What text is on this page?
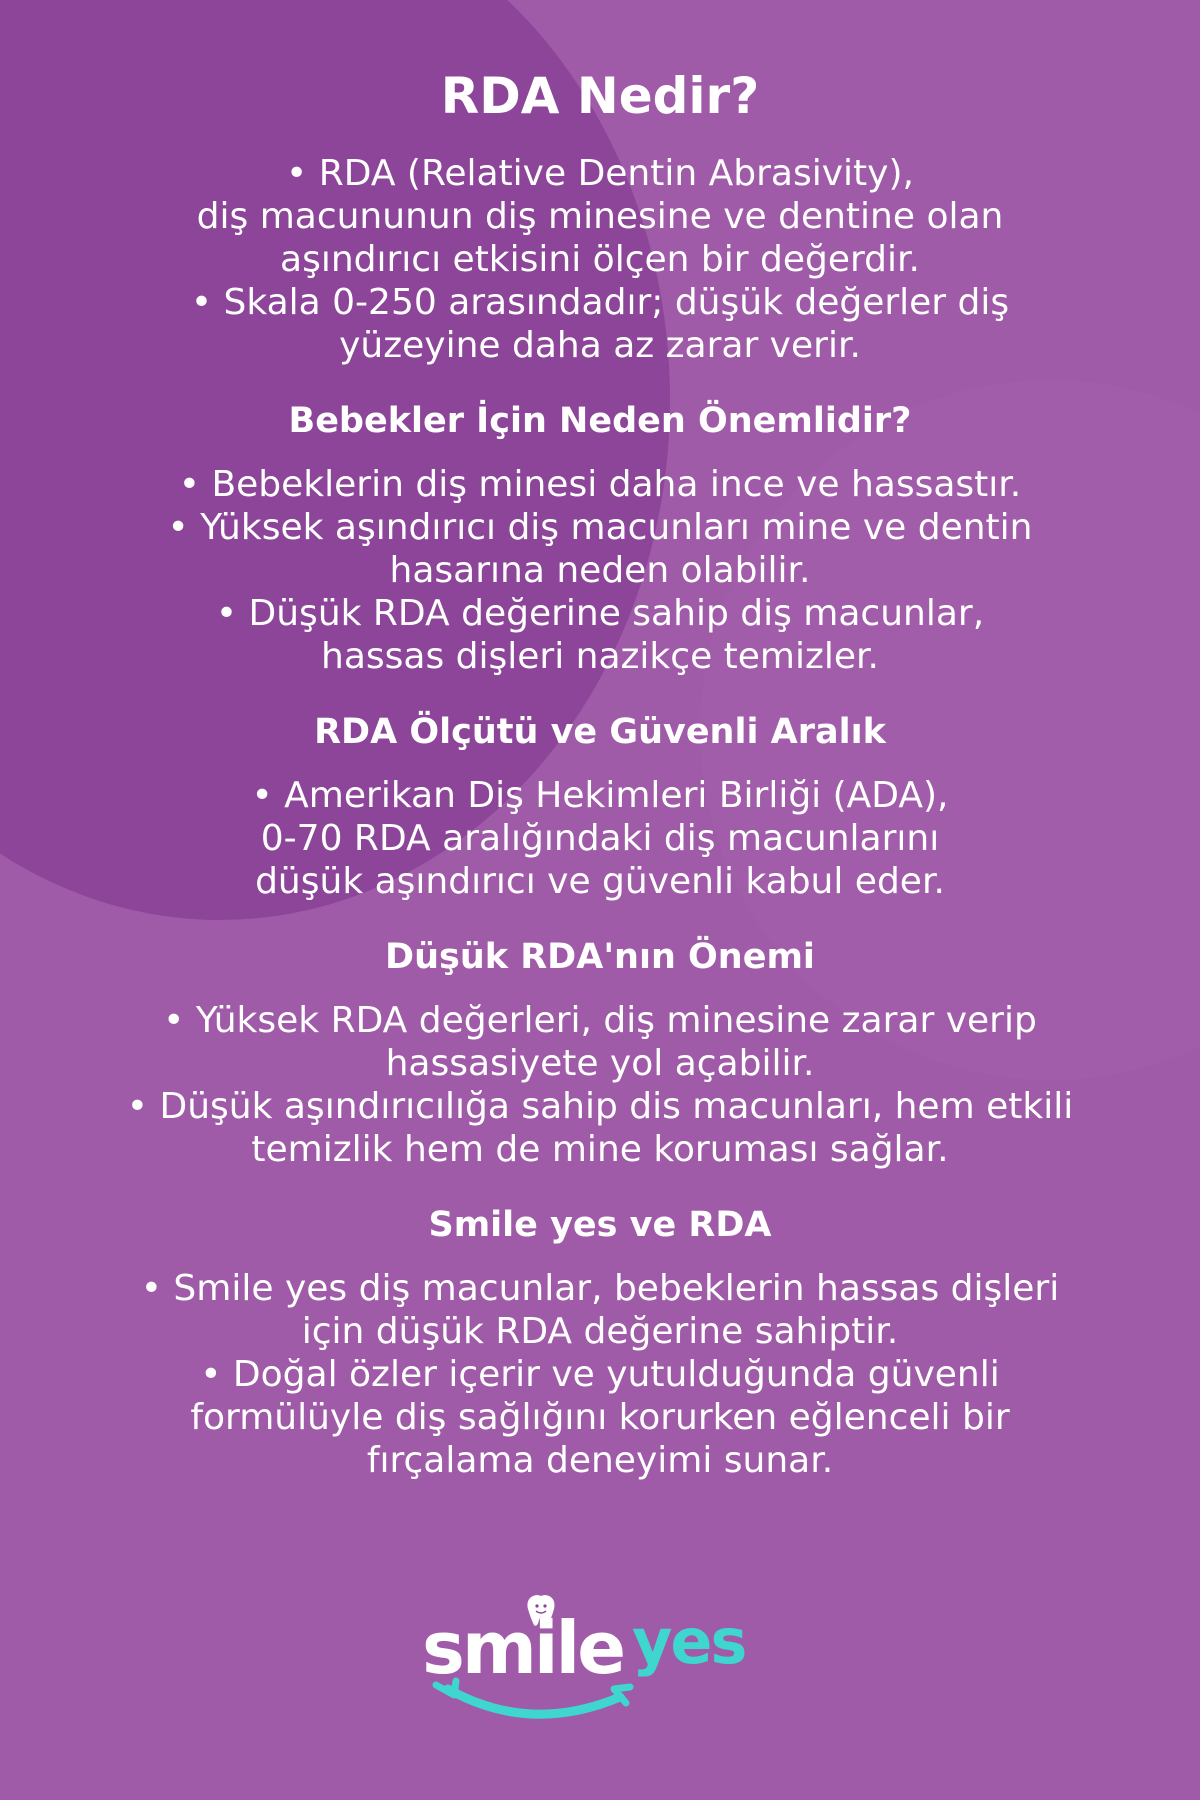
RDA Nedir?

• RDA (Relative Dentin Abrasivity),
diş macununun diş minesine ve dentine olan
aşındırıcı etkisini ölçen bir değerdir.
• Skala 0-250 arasındadır; düşük değerler diş
yüzeyine daha az zarar verir.

Bebekler İçin Neden Önemlidir?

• Bebeklerin diş minesi daha ince ve hassastır.
• Yüksek aşındırıcı diş macunları mine ve dentin
hasarına neden olabilir.
• Düşük RDA değerine sahip diş macunlar,
hassas dişleri nazikçe temizler.

RDA Ölçütü ve Güvenli Aralık

• Amerikan Diş Hekimleri Birliği (ADA),
0-70 RDA aralığındaki diş macunlarını
düşük aşındırıcı ve güvenli kabul eder.

Düşük RDA'nın Önemi

• Yüksek RDA değerleri, diş minesine zarar verip
hassasiyete yol açabilir.
• Düşük aşındırıcılığa sahip dis macunları, hem etkili
temizlik hem de mine koruması sağlar.

Smile yes ve RDA

• Smile yes diş macunlar, bebeklerin hassas dişleri
için düşük RDA değerine sahiptir.
• Doğal özler içerir ve yutulduğunda güvenli
formülüyle diş sağlığını korurken eğlenceli bir
fırçalama deneyimi sunar.

smile yes
